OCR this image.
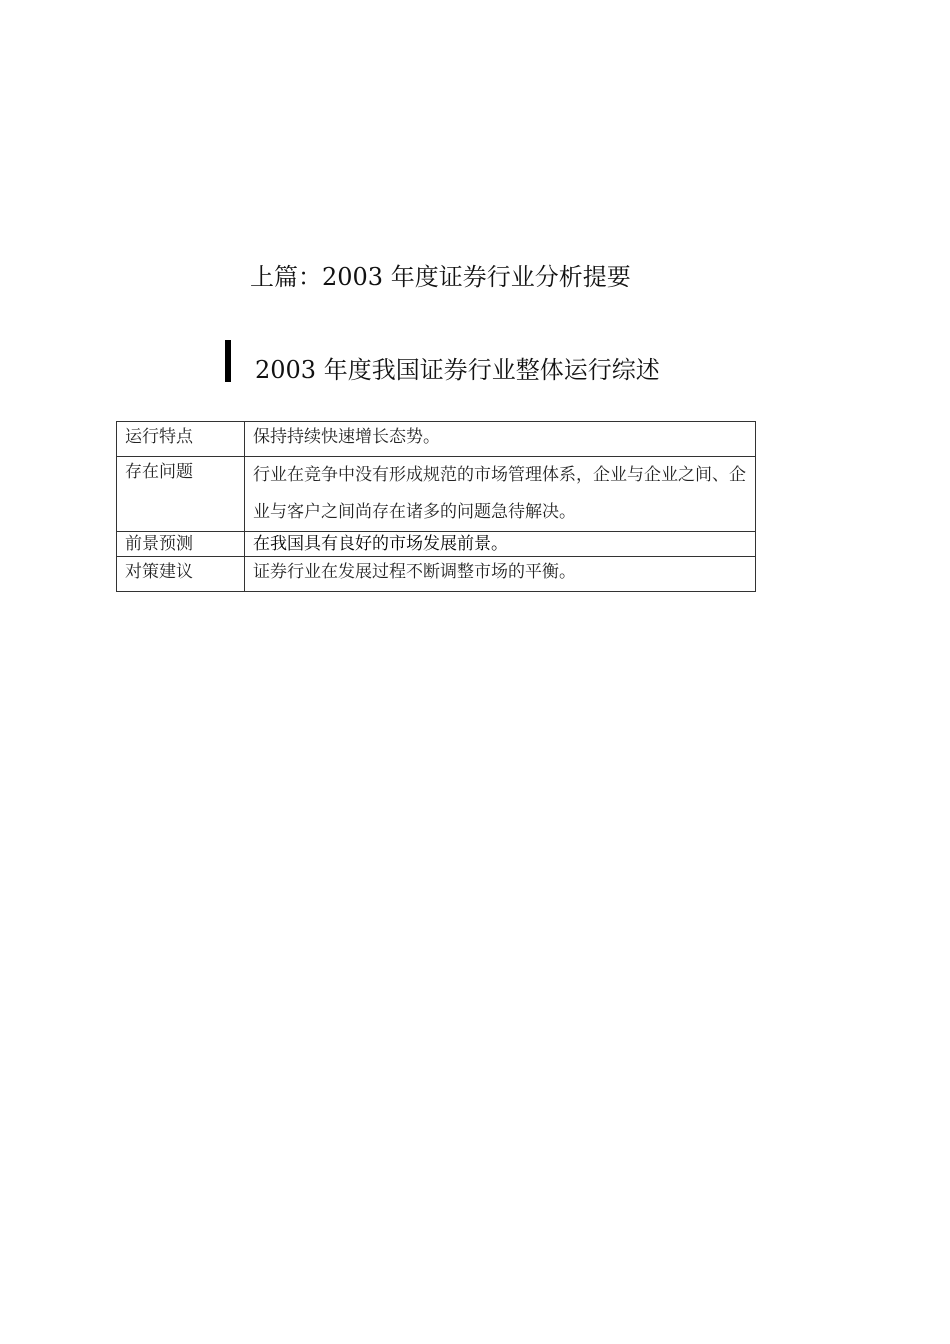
上篇：2003 年度证券行业分析提要
2003 年度我国证券行业整体运行综述
运行特点	保持持续快速增长态势。
存在问题	行业在竞争中没有形成规范的市场管理体系，企业与企业之间、企业与客户之间尚存在诸多的问题急待解决。
前景预测	在我国具有良好的市场发展前景。
对策建议	证券行业在发展过程不断调整市场的平衡。
